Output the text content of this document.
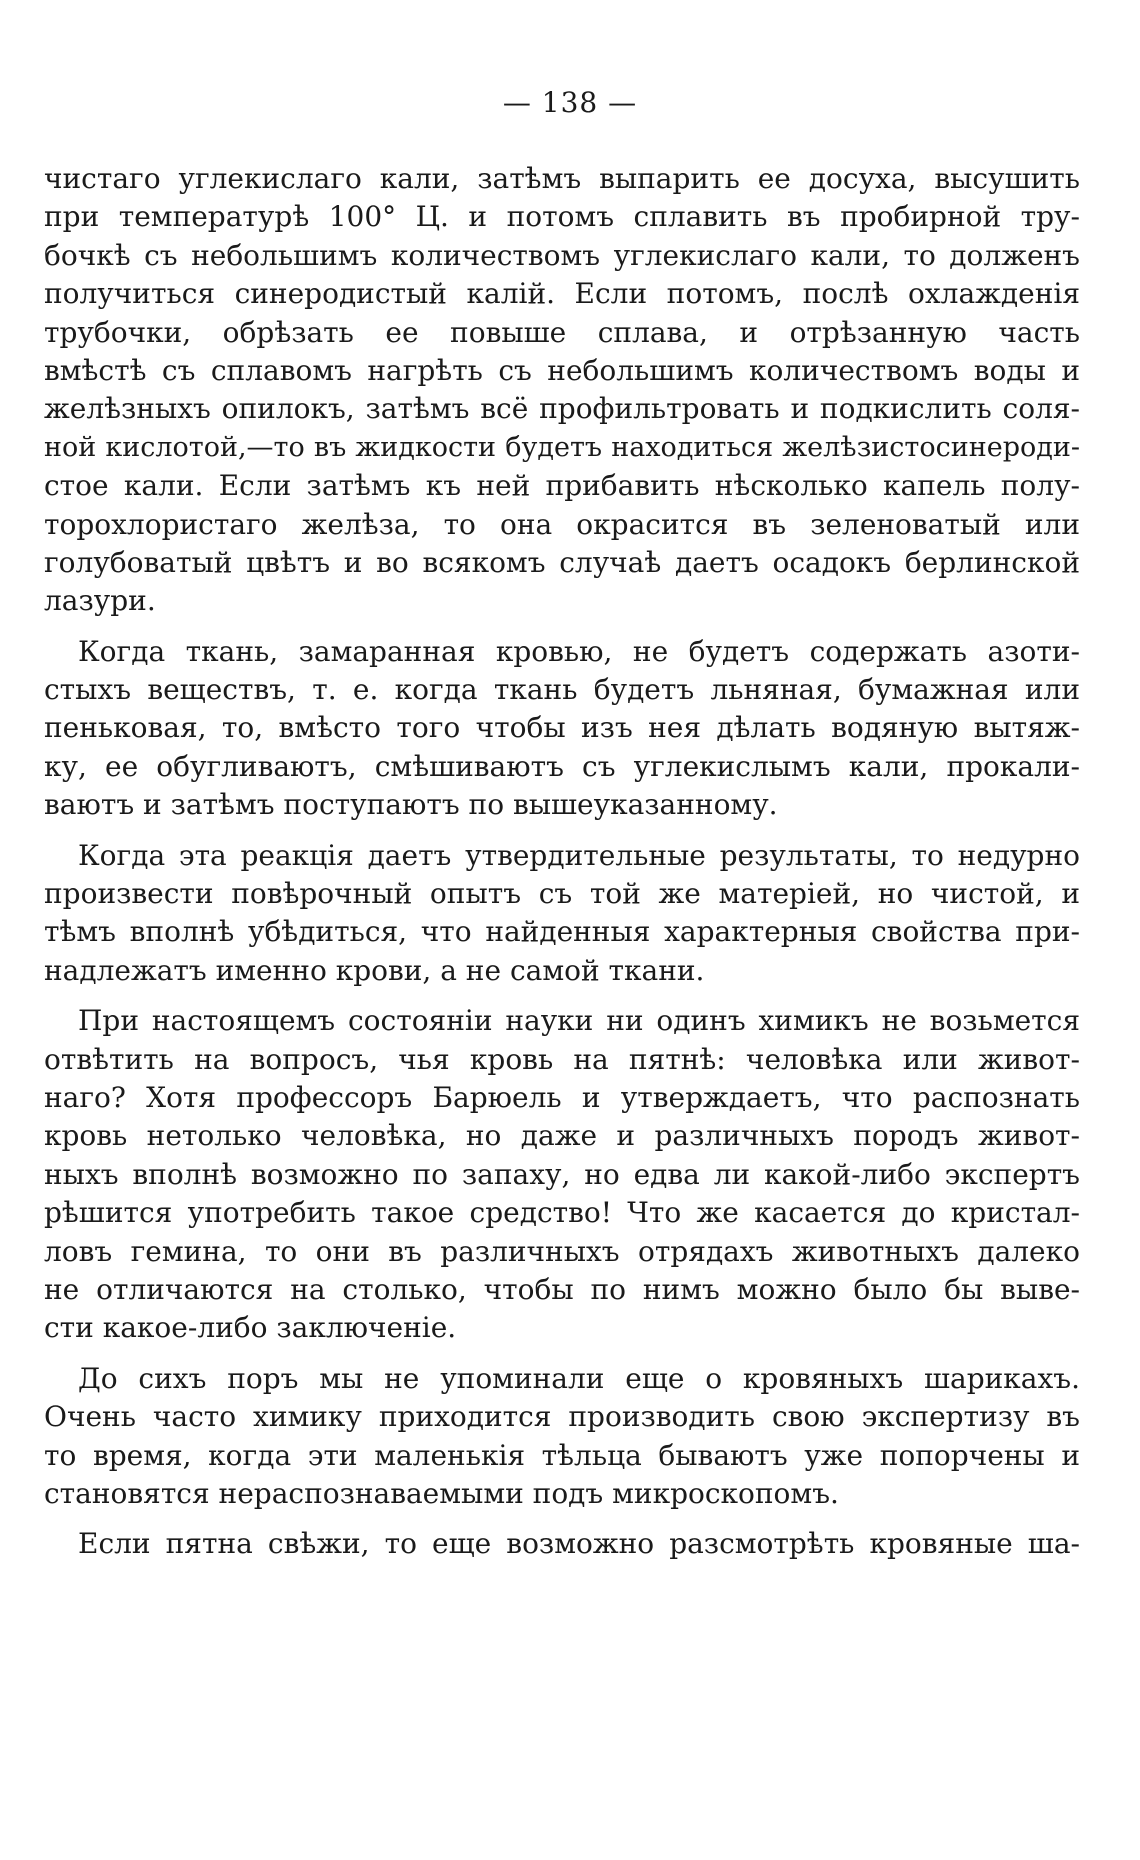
— 138 —

чистаго углекислаго кали, затѣмъ выпарить ее досуха, высушить
при температурѣ 100° Ц. и потомъ сплавить въ пробирной тру-
бочкѣ съ небольшимъ количествомъ углекислаго кали, то долженъ
получиться синеродистый калій. Если потомъ, послѣ охлажденія
трубочки, обрѣзать ее повыше сплава, и отрѣзанную часть
вмѣстѣ съ сплавомъ нагрѣть съ небольшимъ количествомъ воды и
желѣзныхъ опилокъ, затѣмъ всё профильтровать и подкислить соля-
ной кислотой,—то въ жидкости будетъ находиться желѣзистосинероди-
стое кали. Если затѣмъ къ ней прибавить нѣсколько капель полу-
торохлористаго желѣза, то она окрасится въ зеленоватый или
голубоватый цвѣтъ и во всякомъ случаѣ даетъ осадокъ берлинской
лазури.

Когда ткань, замаранная кровью, не будетъ содержать азоти-
стыхъ веществъ, т. е. когда ткань будетъ льняная, бумажная или
пеньковая, то, вмѣсто того чтобы изъ нея дѣлать водяную вытяж-
ку, ее обугливаютъ, смѣшиваютъ съ углекислымъ кали, прокали-
ваютъ и затѣмъ поступаютъ по вышеуказанному.

Когда эта реакція даетъ утвердительные результаты, то недурно
произвести повѣрочный опытъ съ той же матеріей, но чистой, и
тѣмъ вполнѣ убѣдиться, что найденныя характерныя свойства при-
надлежатъ именно крови, а не самой ткани.

При настоящемъ состояніи науки ни одинъ химикъ не возьмется
отвѣтить на вопросъ, чья кровь на пятнѣ: человѣка или живот-
наго? Хотя профессоръ Барюель и утверждаетъ, что распознать
кровь нетолько человѣка, но даже и различныхъ породъ живот-
ныхъ вполнѣ возможно по запаху, но едва ли какой-либо экспертъ
рѣшится употребить такое средство! Что же касается до кристал-
ловъ гемина, то они въ различныхъ отрядахъ животныхъ далеко
не отличаются на столько, чтобы по нимъ можно было бы выве-
сти какое-либо заключеніе.

До сихъ поръ мы не упоминали еще о кровяныхъ шарикахъ.
Очень часто химику приходится производить свою экспертизу въ
то время, когда эти маленькія тѣльца бываютъ уже попорчены и
становятся нераспознаваемыми подъ микроскопомъ.

Если пятна свѣжи, то еще возможно разсмотрѣть кровяные ша-
